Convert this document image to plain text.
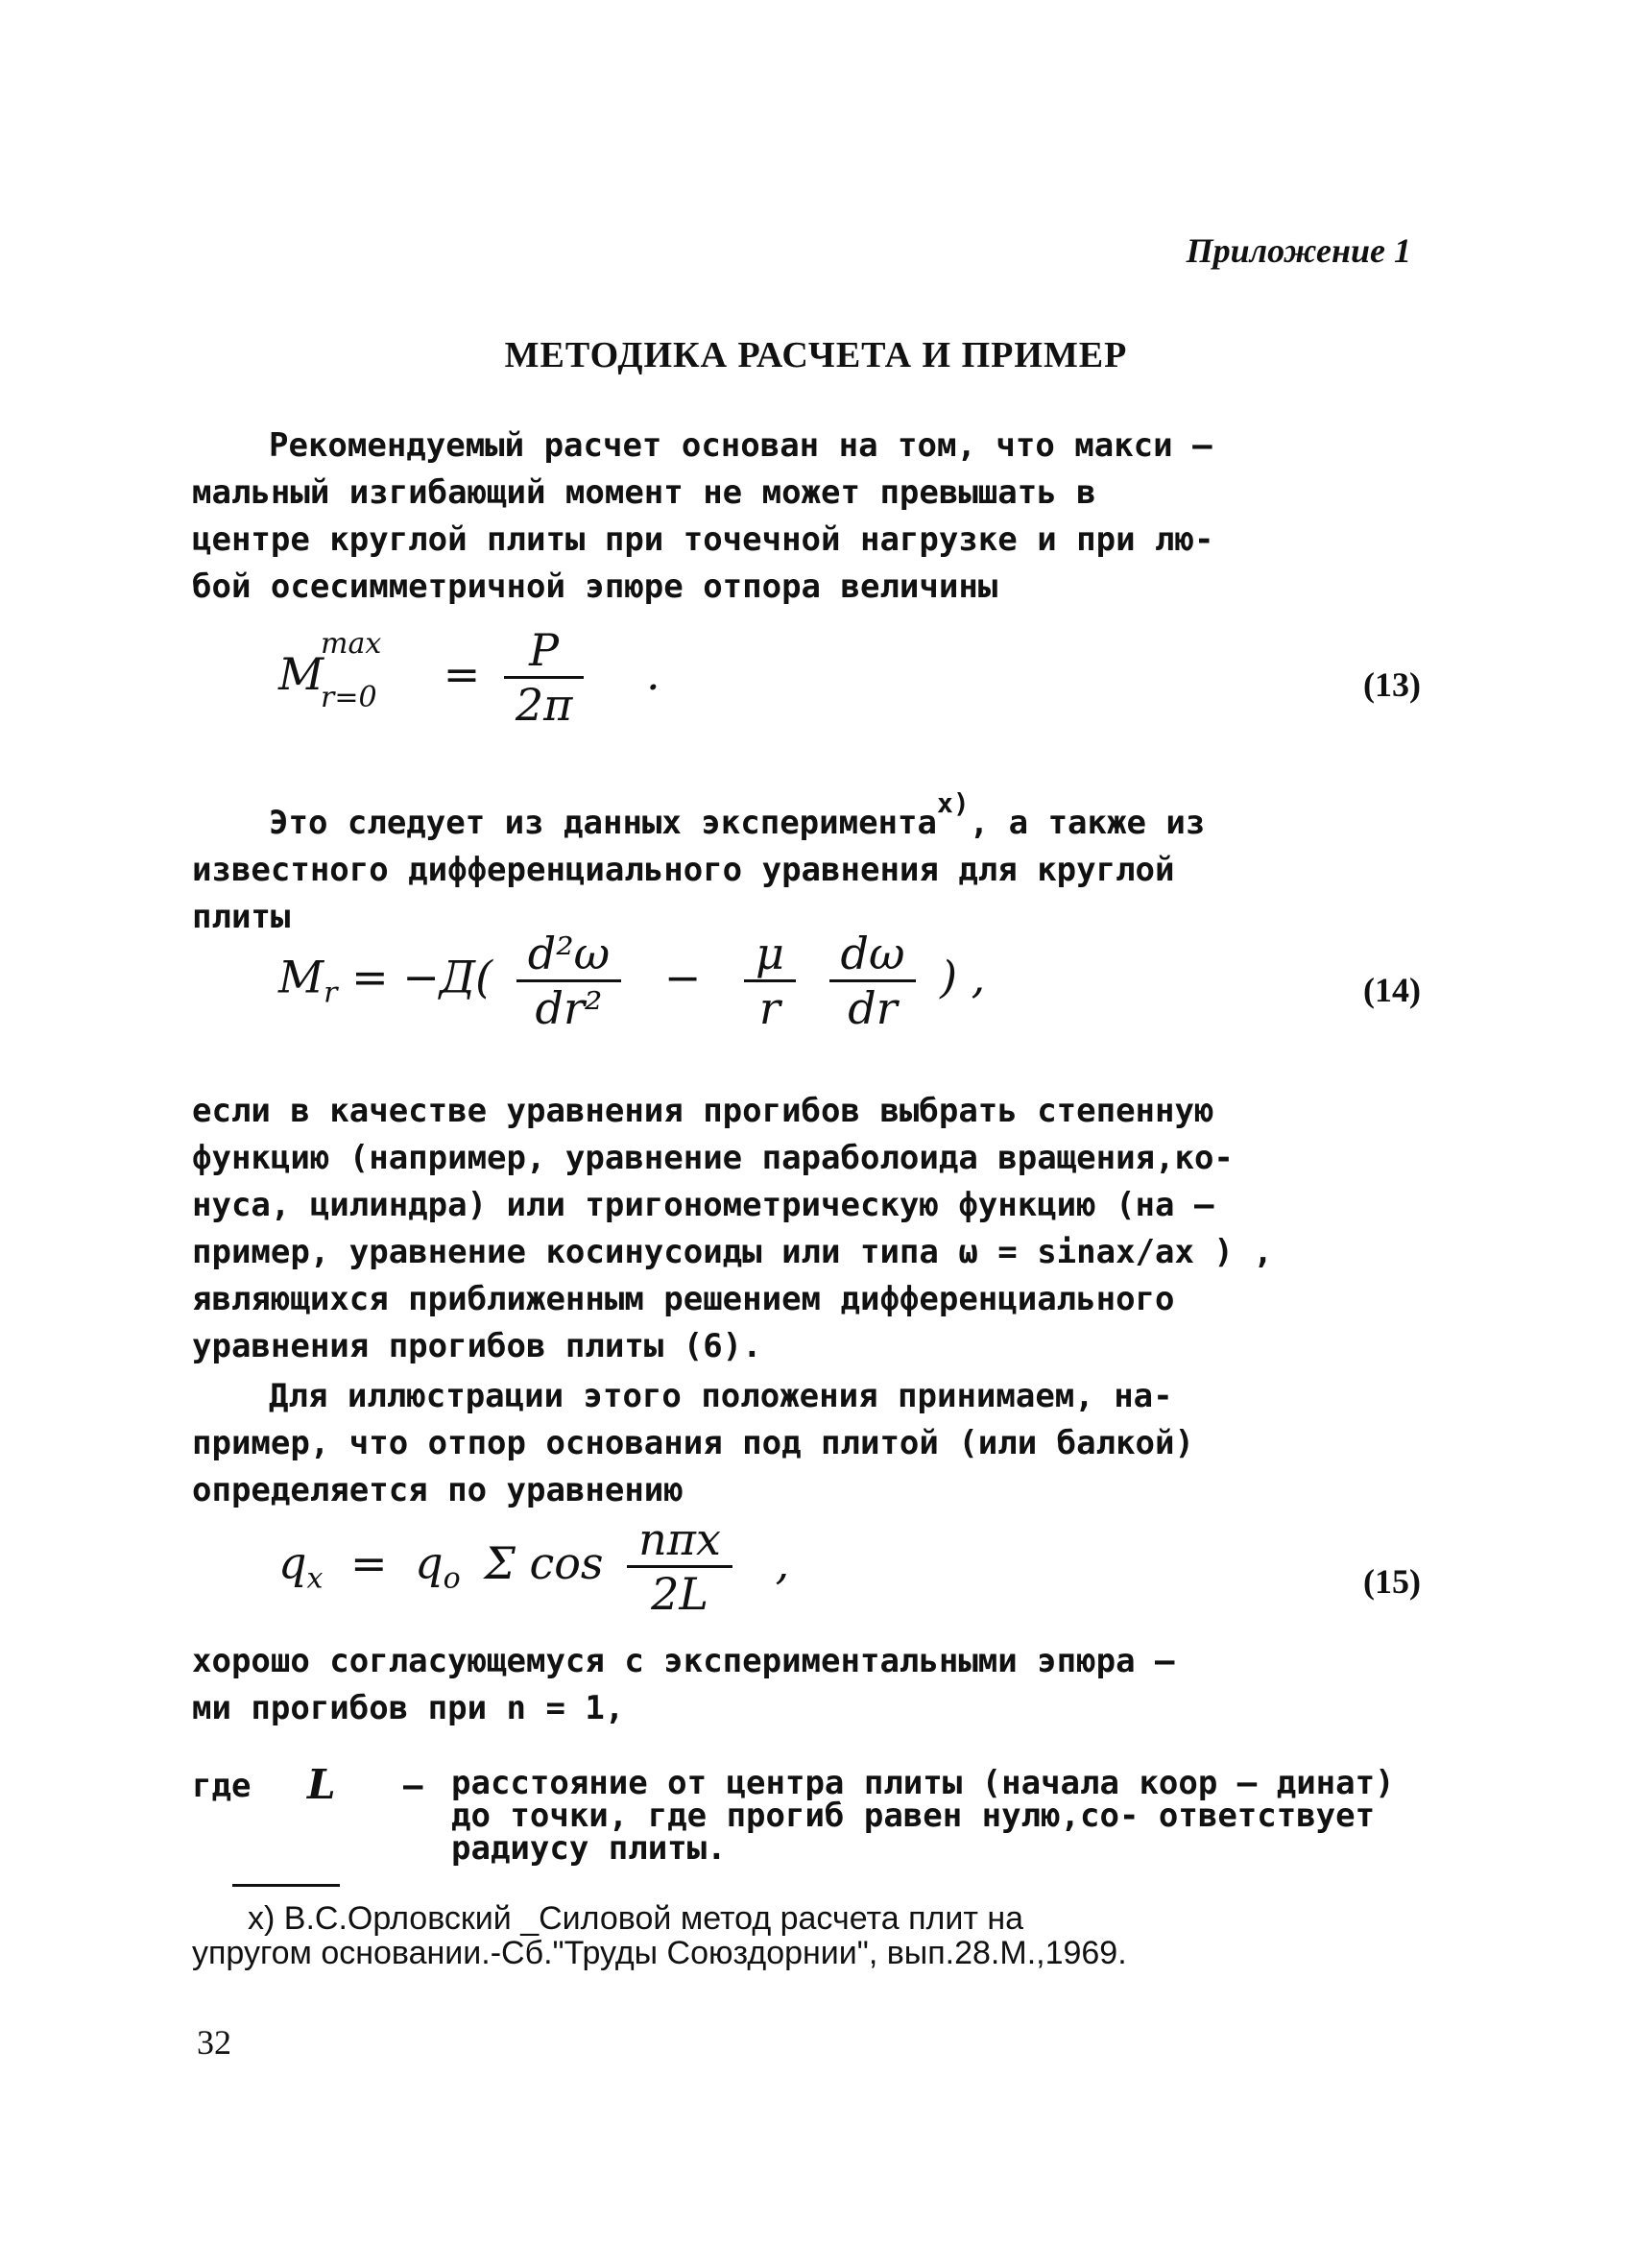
Приложение 1
МЕТОДИКА РАСЧЕТА И ПРИМЕР
Рекомендуемый расчет основан на том, что макси –
мальный изгибающий момент не может превышать в
центре круглой плиты при точечной нагрузке и при лю-
бой осесимметричной эпюре отпора величины
M
max
$r=0 = \frac{P}{2\pi}$ .	(13)
Это следует из данных эксперимента$^{x)}$, а также из
известного дифференциального уравнения для круглой
плиты
$M_r = -Д( \frac{\text{d²ω}}{\text{dr²}} - \frac{\mu}{r}$
$\frac{d\omega}{dr}$ ) ,	(14)
если в качестве уравнения прогибов выбрать степенную
функцию (например, уравнение параболоида вращения,ко-
нуса, цилиндра) или тригонометрическую функцию (на –
пример, уравнение косинусоиды или типа ω = sinax/ax ) ,
являющихся приближенным решением дифференциального
уравнения прогибов плиты (6).
Для иллюстрации этого положения принимаем, на-
пример, что отпор основания под плитой (или балкой)
определяется по уравнению
$q_x = q_o$ Σ $\cos \frac{\text{nπx}}{2L}$ ,	(15)
хорошо согласующемуся с экспериментальными эпюра –
ми прогибов при n = 1,
где L – расстояние от центра плиты (начала коор – динат) до точки, где прогиб равен нулю,со- ответствует радиусу плиты.
х) В.С.Орловский _Силовой метод расчета плит на
упругом основании.-Сб."Труды Союздорнии", вып.28.М.,1969.
32
